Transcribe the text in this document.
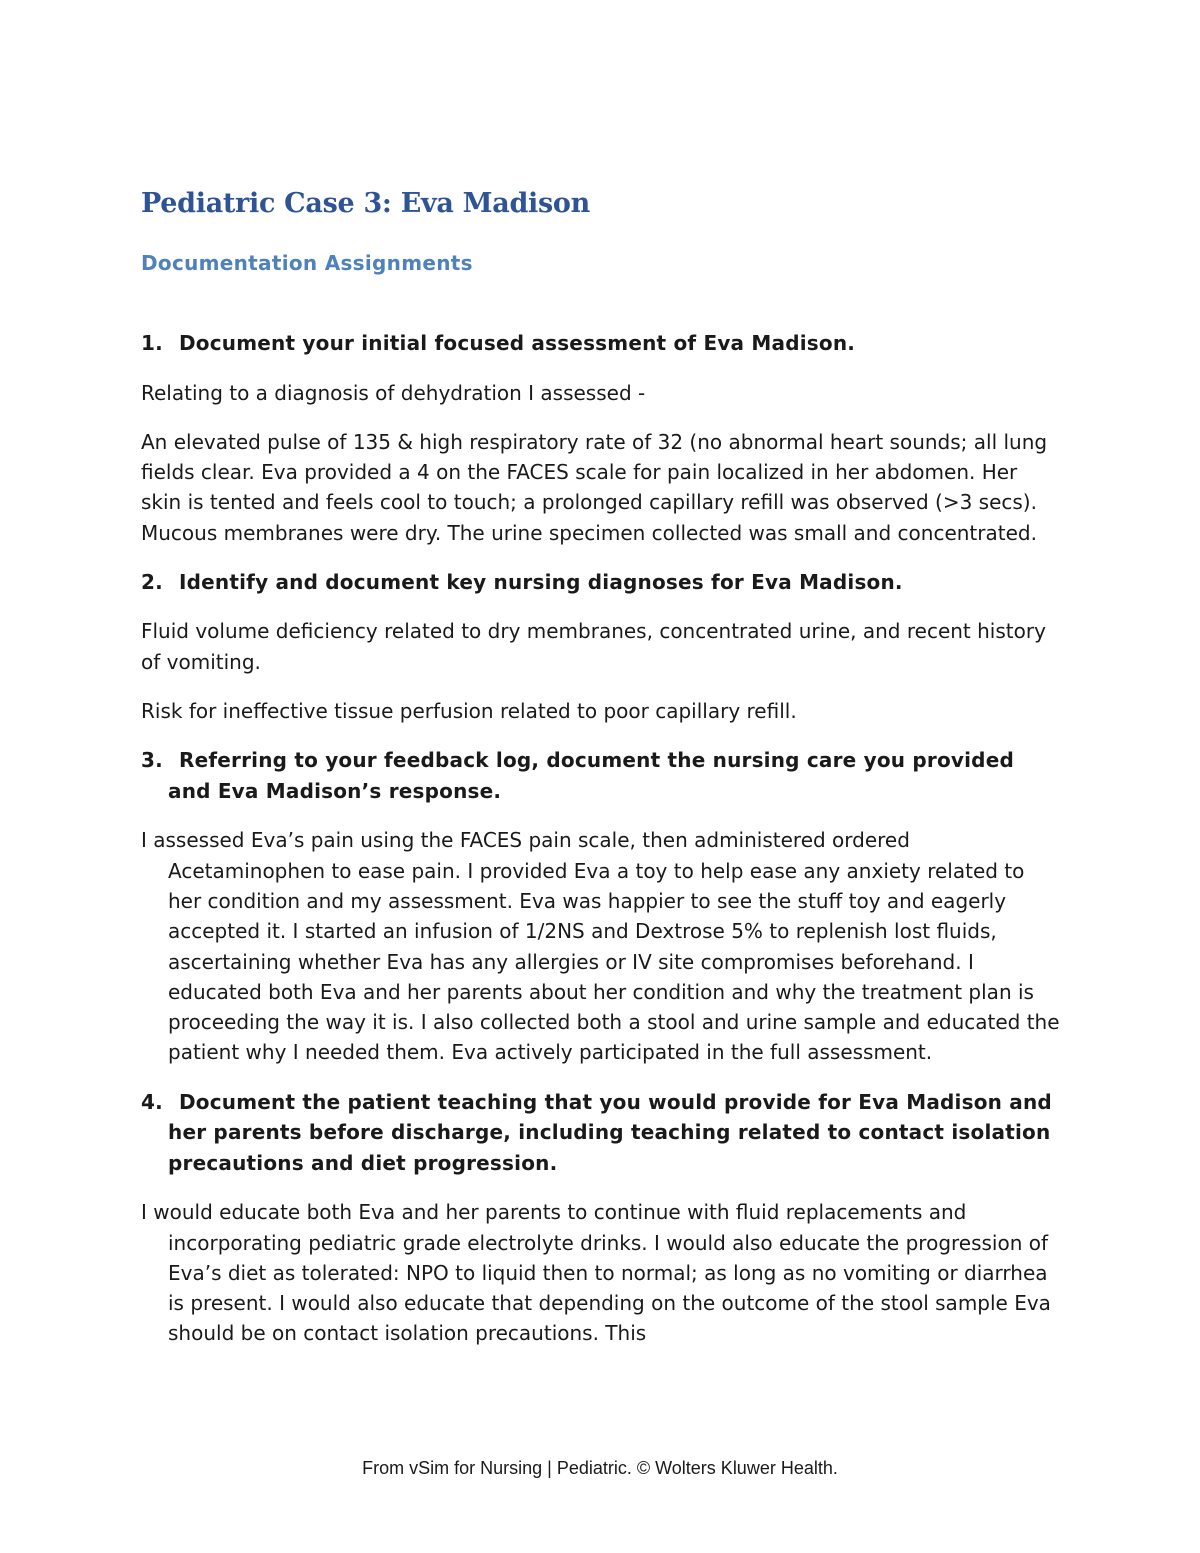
Pediatric Case 3: Eva Madison
Documentation Assignments

1. Document your initial focused assessment of Eva Madison.

Relating to a diagnosis of dehydration I assessed -

An elevated pulse of 135 & high respiratory rate of 32 (no abnormal heart sounds; all lung fields clear. Eva provided a 4 on the FACES scale for pain localized in her abdomen. Her skin is tented and feels cool to touch; a prolonged capillary refill was observed (>3 secs). Mucous membranes were dry. The urine specimen collected was small and concentrated.

2. Identify and document key nursing diagnoses for Eva Madison.

Fluid volume deficiency related to dry membranes, concentrated urine, and recent history of vomiting.

Risk for ineffective tissue perfusion related to poor capillary refill.

3. Referring to your feedback log, document the nursing care you provided and Eva Madison’s response.

I assessed Eva’s pain using the FACES pain scale, then administered ordered Acetaminophen to ease pain. I provided Eva a toy to help ease any anxiety related to her condition and my assessment. Eva was happier to see the stuff toy and eagerly accepted it. I started an infusion of 1/2NS and Dextrose 5% to replenish lost fluids, ascertaining whether Eva has any allergies or IV site compromises beforehand. I educated both Eva and her parents about her condition and why the treatment plan is proceeding the way it is. I also collected both a stool and urine sample and educated the patient why I needed them. Eva actively participated in the full assessment.

4. Document the patient teaching that you would provide for Eva Madison and her parents before discharge, including teaching related to contact isolation precautions and diet progression.

I would educate both Eva and her parents to continue with fluid replacements and incorporating pediatric grade electrolyte drinks. I would also educate the progression of Eva’s diet as tolerated: NPO to liquid then to normal; as long as no vomiting or diarrhea is present. I would also educate that depending on the outcome of the stool sample Eva should be on contact isolation precautions. This

From vSim for Nursing | Pediatric. © Wolters Kluwer Health.
